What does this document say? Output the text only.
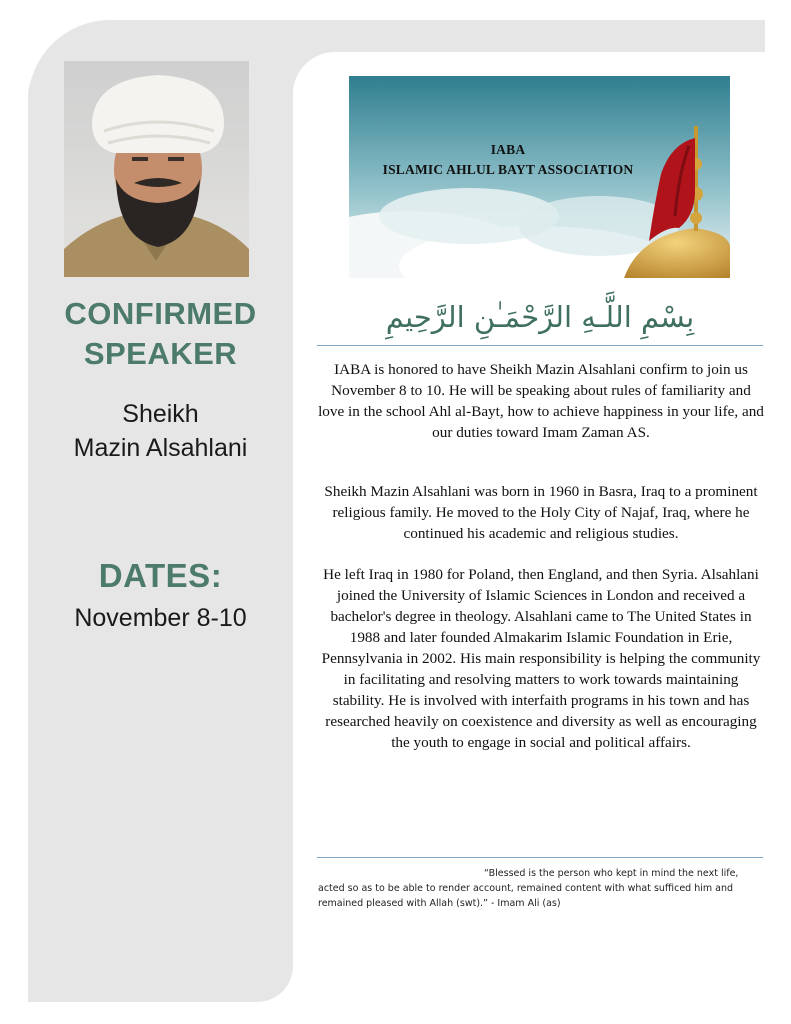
CONFIRMED
SPEAKER
Sheikh
Mazin Alsahlani
DATES:
November 8-10
IABA
ISLAMIC AHLUL BAYT ASSOCIATION
بِسْمِ اللَّـهِ الرَّحْمَـٰنِ الرَّحِيمِ
IABA is honored to have Sheikh Mazin Alsahlani confirm to join us November 8 to 10. He will be speaking about rules of familiarity and love in the school Ahl al-Bayt, how to achieve happiness in your life, and our duties toward Imam Zaman AS.
Sheikh Mazin Alsahlani was born in 1960 in Basra, Iraq to a prominent religious family. He moved to the Holy City of Najaf, Iraq, where he continued his academic and religious studies.
He left Iraq in 1980 for Poland, then England, and then Syria. Alsahlani joined the University of Islamic Sciences in London and received a bachelor's degree in theology. Alsahlani came to The United States in 1988 and later founded Almakarim Islamic Foundation in Erie, Pennsylvania in 2002. His main responsibility is helping the community in facilitating and resolving matters to work towards maintaining stability. He is involved with interfaith programs in his town and has researched heavily on coexistence and diversity as well as encouraging the youth to engage in social and political affairs.
“Blessed is the person who kept in mind the next life, acted so as to be able to render account, remained content with what sufficed him and remained pleased with Allah (swt).” - Imam Ali (as)
